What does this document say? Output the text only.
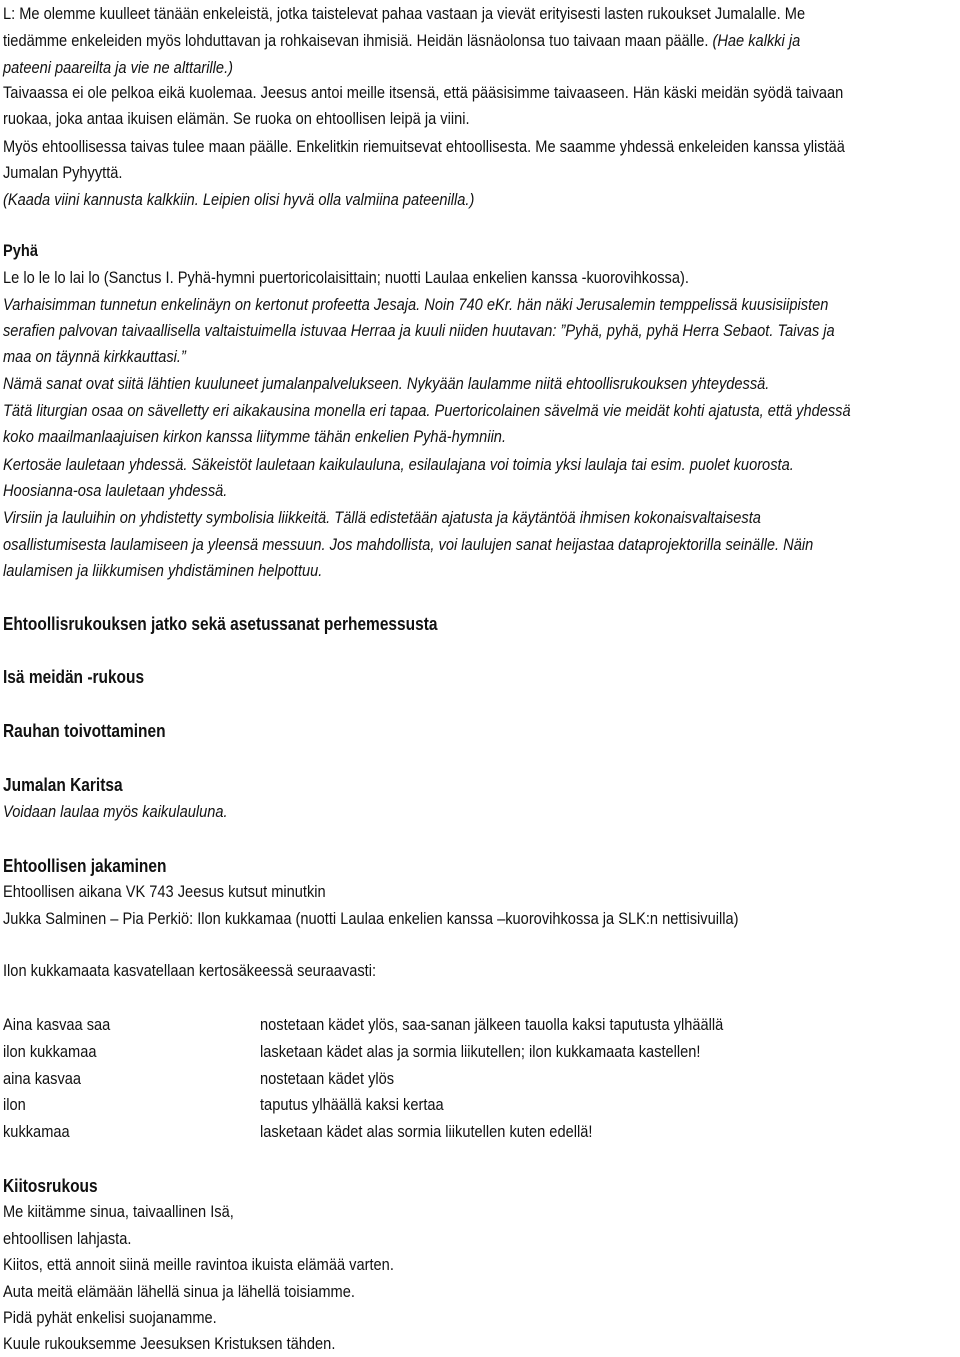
L: Me olemme kuulleet tänään enkeleistä, jotka taistelevat pahaa vastaan ja vievät erityisesti lasten rukoukset Jumalalle. Me

tiedämme enkeleiden myös lohduttavan ja rohkaisevan ihmisiä. Heidän läsnäolonsa tuo taivaan maan päälle. (Hae kalkki ja

pateeni paareilta ja vie ne alttarille.)

Taivaassa ei ole pelkoa eikä kuolemaa. Jeesus antoi meille itsensä, että pääsisimme taivaaseen. Hän käski meidän syödä taivaan

ruokaa, joka antaa ikuisen elämän. Se ruoka on ehtoollisen leipä ja viini.

Myös ehtoollisessa taivas tulee maan päälle. Enkelitkin riemuitsevat ehtoollisesta. Me saamme yhdessä enkeleiden kanssa ylistää

Jumalan Pyhyyttä.

(Kaada viini kannusta kalkkiin. Leipien olisi hyvä olla valmiina pateenilla.)

Pyhä

Le lo le lo lai lo (Sanctus I. Pyhä-hymni puertoricolaisittain; nuotti Laulaa enkelien kanssa -kuorovihkossa).

Varhaisimman tunnetun enkelinäyn on kertonut profeetta Jesaja. Noin 740 eKr. hän näki Jerusalemin temppelissä kuusisiipisten

serafien palvovan taivaallisella valtaistuimella istuvaa Herraa ja kuuli niiden huutavan: ”Pyhä, pyhä, pyhä Herra Sebaot. Taivas ja

maa on täynnä kirkkauttasi.”

Nämä sanat ovat siitä lähtien kuuluneet jumalanpalvelukseen. Nykyään laulamme niitä ehtoollisrukouksen yhteydessä.

Tätä liturgian osaa on sävelletty eri aikakausina monella eri tapaa. Puertoricolainen sävelmä vie meidät kohti ajatusta, että yhdessä

koko maailmanlaajuisen kirkon kanssa liitymme tähän enkelien Pyhä-hymniin.

Kertosäe lauletaan yhdessä. Säkeistöt lauletaan kaikulauluna, esilaulajana voi toimia yksi laulaja tai esim. puolet kuorosta.

Hoosianna-osa lauletaan yhdessä.

Virsiin ja lauluihin on yhdistetty symbolisia liikkeitä. Tällä edistetään ajatusta ja käytäntöä ihmisen kokonaisvaltaisesta

osallistumisesta laulamiseen ja yleensä messuun. Jos mahdollista, voi laulujen sanat heijastaa dataprojektorilla seinälle. Näin

laulamisen ja liikkumisen yhdistäminen helpottuu.

Ehtoollisrukouksen jatko sekä asetussanat perhemessusta

Isä meidän -rukous

Rauhan toivottaminen

Jumalan Karitsa

Voidaan laulaa myös kaikulauluna.

Ehtoollisen jakaminen

Ehtoollisen aikana VK 743 Jeesus kutsut minutkin

Jukka Salminen – Pia Perkiö: Ilon kukkamaa (nuotti Laulaa enkelien kanssa –kuorovihkossa ja SLK:n nettisivuilla)

Ilon kukkamaata kasvatellaan kertosäkeessä seuraavasti:

Aina kasvaa saa	nostetaan kädet ylös, saa-sanan jälkeen tauolla kaksi taputusta ylhäällä

ilon kukkamaa	lasketaan kädet alas ja sormia liikutellen; ilon kukkamaata kastellen!

aina kasvaa	nostetaan kädet ylös

ilon	taputus ylhäällä kaksi kertaa

kukkamaa	lasketaan kädet alas sormia liikutellen kuten edellä!

Kiitosrukous

Me kiitämme sinua, taivaallinen Isä,

ehtoollisen lahjasta.

Kiitos, että annoit siinä meille ravintoa ikuista elämää varten.

Auta meitä elämään lähellä sinua ja lähellä toisiamme.

Pidä pyhät enkelisi suojanamme.

Kuule rukouksemme Jeesuksen Kristuksen tähden.
